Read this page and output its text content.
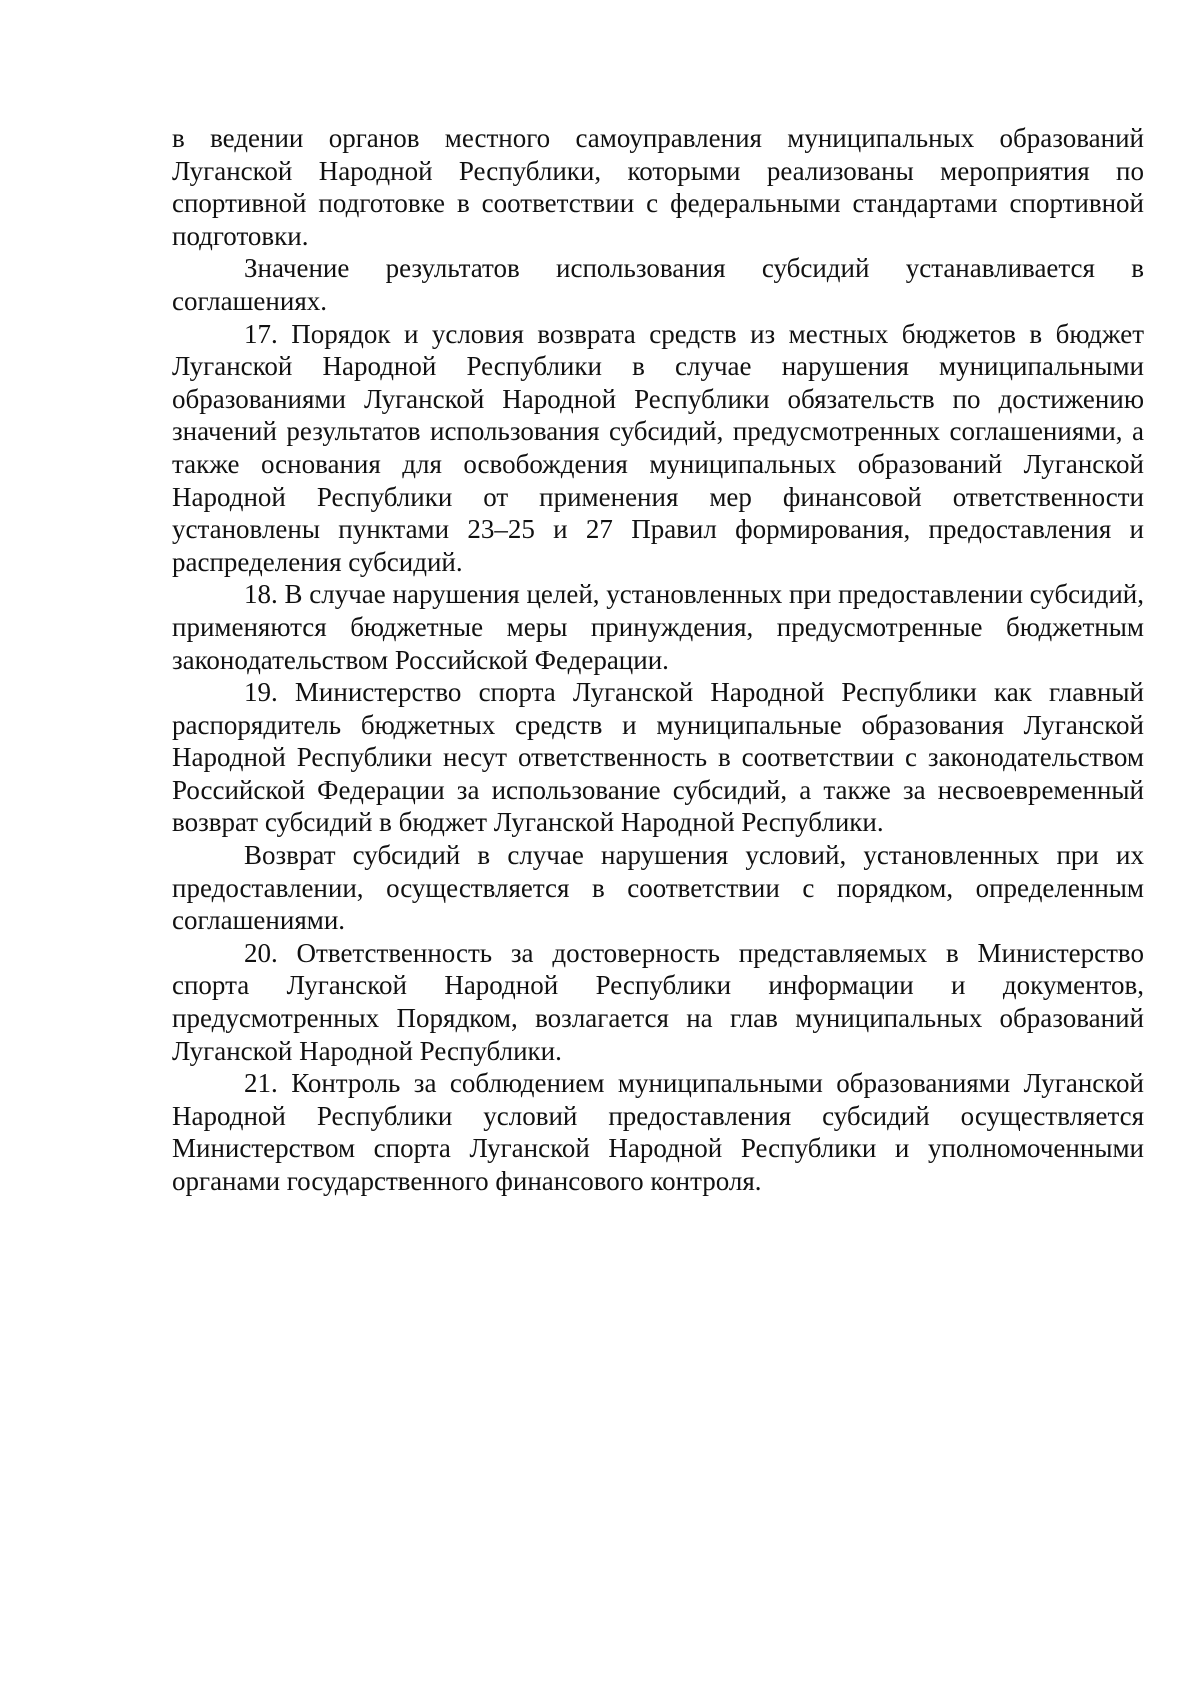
в ведении органов местного самоуправления муниципальных образований Луганской Народной Республики, которыми реализованы мероприятия по спортивной подготовке в соответствии с федеральными стандартами спортивной подготовки.

Значение результатов использования субсидий устанавливается в соглашениях.

17. Порядок и условия возврата средств из местных бюджетов в бюджет Луганской Народной Республики в случае нарушения муниципальными образованиями Луганской Народной Республики обязательств по достижению значений результатов использования субсидий, предусмотренных соглашениями, а также основания для освобождения муниципальных образований Луганской Народной Республики от применения мер финансовой ответственности установлены пунктами 23–25 и 27 Правил формирования, предоставления и распределения субсидий.

18. В случае нарушения целей, установленных при предоставлении субсидий, применяются бюджетные меры принуждения, предусмотренные бюджетным законодательством Российской Федерации.

19. Министерство спорта Луганской Народной Республики как главный распорядитель бюджетных средств и муниципальные образования Луганской Народной Республики несут ответственность в соответствии с законодательством Российской Федерации за использование субсидий, а также за несвоевременный возврат субсидий в бюджет Луганской Народной Республики.

Возврат субсидий в случае нарушения условий, установленных при их предоставлении, осуществляется в соответствии с порядком, определенным соглашениями.

20. Ответственность за достоверность представляемых в Министерство спорта Луганской Народной Республики информации и документов, предусмотренных Порядком, возлагается на глав муниципальных образований Луганской Народной Республики.

21. Контроль за соблюдением муниципальными образованиями Луганской Народной Республики условий предоставления субсидий осуществляется Министерством спорта Луганской Народной Республики и уполномоченными органами государственного финансового контроля.
